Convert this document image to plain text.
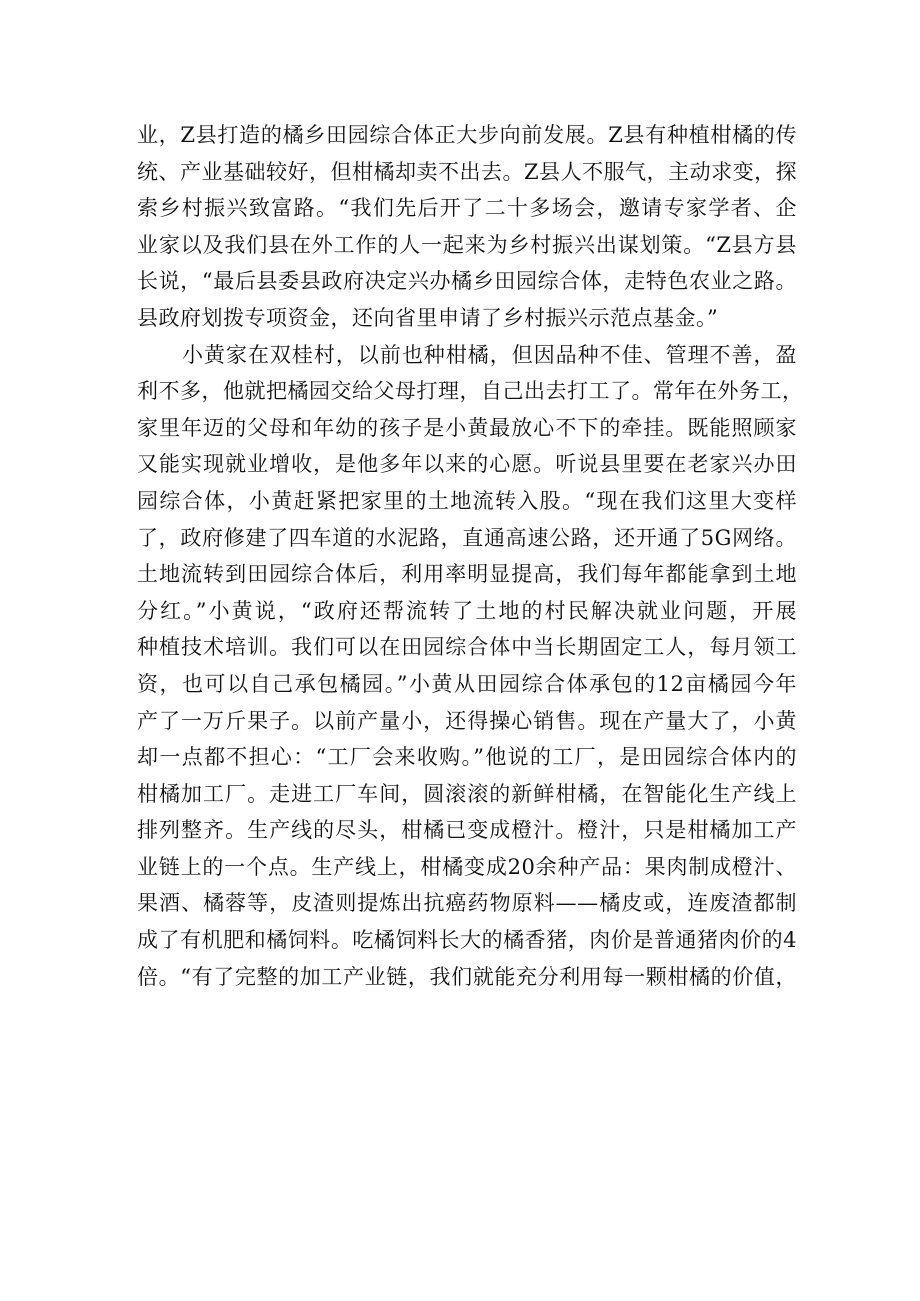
业，Z县打造的橘乡田园综合体正大步向前发展。Z县有种植柑橘的传
统、产业基础较好，但柑橘却卖不出去。Z县人不服气，主动求变，探
索乡村振兴致富路。“我们先后开了二十多场会，邀请专家学者、企
业家以及我们县在外工作的人一起来为乡村振兴出谋划策。“Z县方县
长说，“最后县委县政府决定兴办橘乡田园综合体，走特色农业之路。
县政府划拨专项资金，还向省里申请了乡村振兴示范点基金。”
小黄家在双桂村，以前也种柑橘，但因品种不佳、管理不善，盈
利不多，他就把橘园交给父母打理，自己出去打工了。常年在外务工，
家里年迈的父母和年幼的孩子是小黄最放心不下的牵挂。既能照顾家
又能实现就业增收，是他多年以来的心愿。听说县里要在老家兴办田
园综合体，小黄赶紧把家里的土地流转入股。“现在我们这里大变样
了，政府修建了四车道的水泥路，直通高速公路，还开通了5G网络。
土地流转到田园综合体后，利用率明显提高，我们每年都能拿到土地
分红。”小黄说，“政府还帮流转了土地的村民解决就业问题，开展
种植技术培训。我们可以在田园综合体中当长期固定工人，每月领工
资，也可以自己承包橘园。”小黄从田园综合体承包的12亩橘园今年
产了一万斤果子。以前产量小，还得操心销售。现在产量大了，小黄
却一点都不担心：“工厂会来收购。”他说的工厂，是田园综合体内的
柑橘加工厂。走进工厂车间，圆滚滚的新鲜柑橘，在智能化生产线上
排列整齐。生产线的尽头，柑橘已变成橙汁。橙汁，只是柑橘加工产
业链上的一个点。生产线上，柑橘变成20余种产品：果肉制成橙汁、
果酒、橘蓉等，皮渣则提炼出抗癌药物原料——橘皮或，连废渣都制
成了有机肥和橘饲料。吃橘饲料长大的橘香猪，肉价是普通猪肉价的4
倍。“有了完整的加工产业链，我们就能充分利用每一颗柑橘的价值，
